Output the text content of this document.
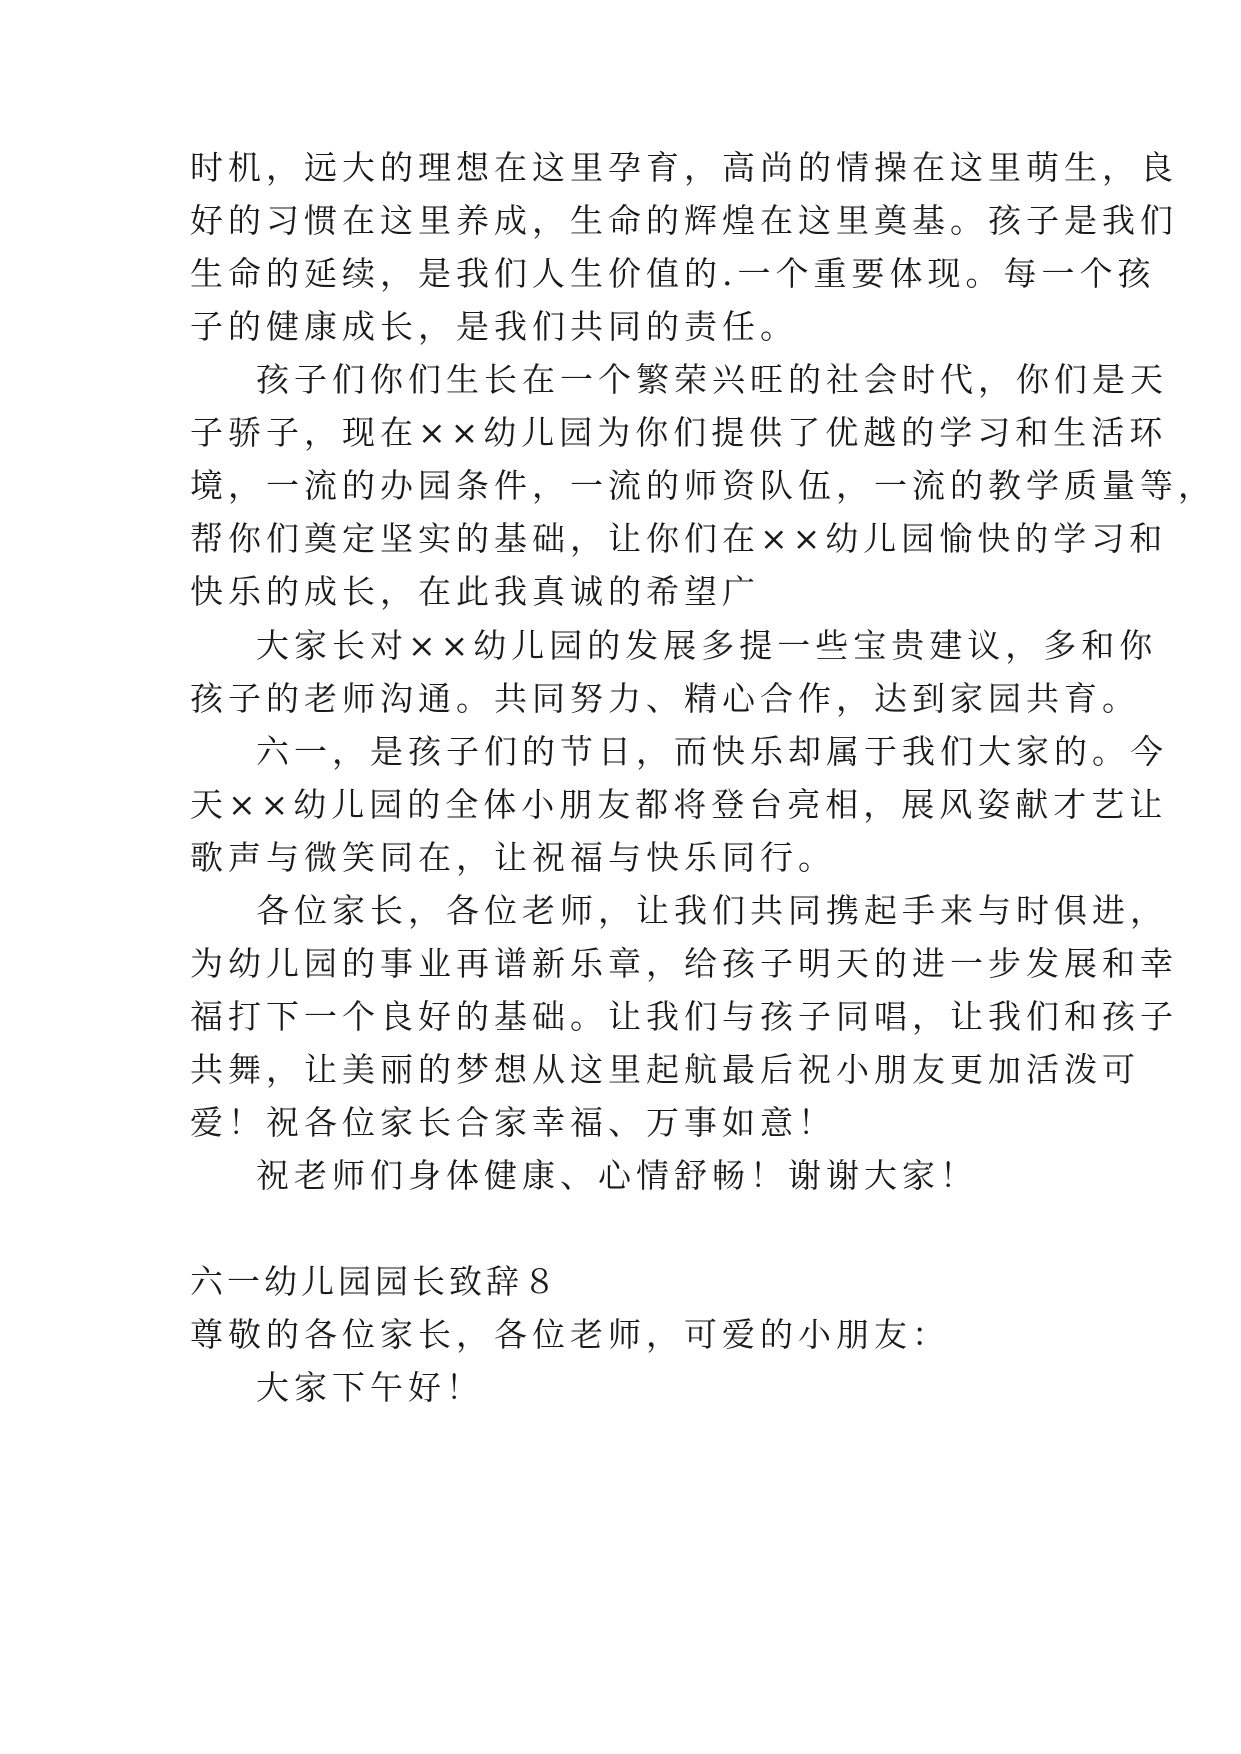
时机，远大的理想在这里孕育，高尚的情操在这里萌生，良
好的习惯在这里养成，生命的辉煌在这里奠基。孩子是我们
生命的延续，是我们人生价值的.一个重要体现。每一个孩
子的健康成长，是我们共同的责任。
孩子们你们生长在一个繁荣兴旺的社会时代，你们是天
子骄子，现在××幼儿园为你们提供了优越的学习和生活环
境，一流的办园条件，一流的师资队伍，一流的教学质量等，
帮你们奠定坚实的基础，让你们在××幼儿园愉快的学习和
快乐的成长，在此我真诚的希望广
大家长对××幼儿园的发展多提一些宝贵建议，多和你
孩子的老师沟通。共同努力、精心合作，达到家园共育。
六一，是孩子们的节日，而快乐却属于我们大家的。今
天××幼儿园的全体小朋友都将登台亮相，展风姿献才艺让
歌声与微笑同在，让祝福与快乐同行。
各位家长，各位老师，让我们共同携起手来与时俱进，
为幼儿园的事业再谱新乐章，给孩子明天的进一步发展和幸
福打下一个良好的基础。让我们与孩子同唱，让我们和孩子
共舞，让美丽的梦想从这里起航最后祝小朋友更加活泼可
爱！祝各位家长合家幸福、万事如意！
祝老师们身体健康、心情舒畅！谢谢大家！
六一幼儿园园长致辞８
尊敬的各位家长，各位老师，可爱的小朋友：
大家下午好！
